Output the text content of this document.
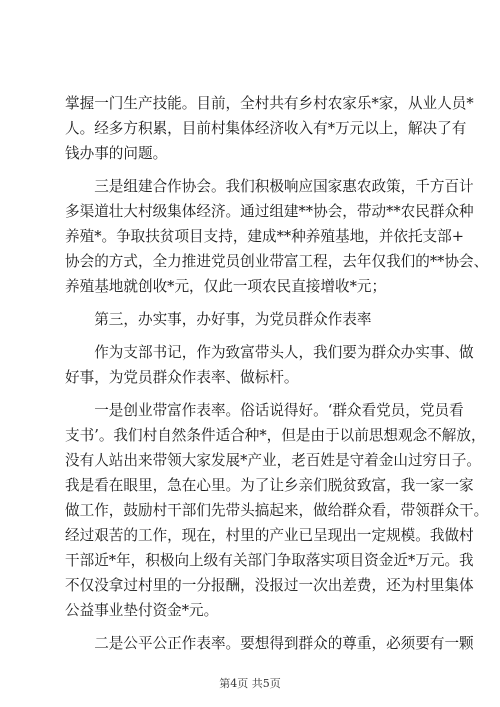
掌握一门生产技能。目前，全村共有乡村农家乐*家，从业人员*
人。经多方积累，目前村集体经济收入有*万元以上，解决了有
钱办事的问题。
　　三是组建合作协会。我们积极响应国家惠农政策，千方百计
多渠道壮大村级集体经济。通过组建**协会，带动**农民群众种
养殖*。争取扶贫项目支持，建成**种养殖基地，并依托支部+
协会的方式，全力推进党员创业带富工程，去年仅我们的**协会、
养殖基地就创收*元，仅此一项农民直接增收*元；
　　第三，办实事，办好事，为党员群众作表率
　　作为支部书记，作为致富带头人，我们要为群众办实事、做
好事，为党员群众作表率、做标杆。
　　一是创业带富作表率。俗话说得好。‘群众看党员，党员看
支书’。我们村自然条件适合种*，但是由于以前思想观念不解放，
没有人站出来带领大家发展*产业，老百姓是守着金山过穷日子。
我是看在眼里，急在心里。为了让乡亲们脱贫致富，我一家一家
做工作，鼓励村干部们先带头搞起来，做给群众看，带领群众干。
经过艰苦的工作，现在，村里的产业已呈现出一定规模。我做村
干部近*年，积极向上级有关部门争取落实项目资金近*万元。我
不仅没拿过村里的一分报酬，没报过一次出差费，还为村里集体
公益事业垫付资金*元。
　　二是公平公正作表率。要想得到群众的尊重，必须要有一颗
第4页 共5页
